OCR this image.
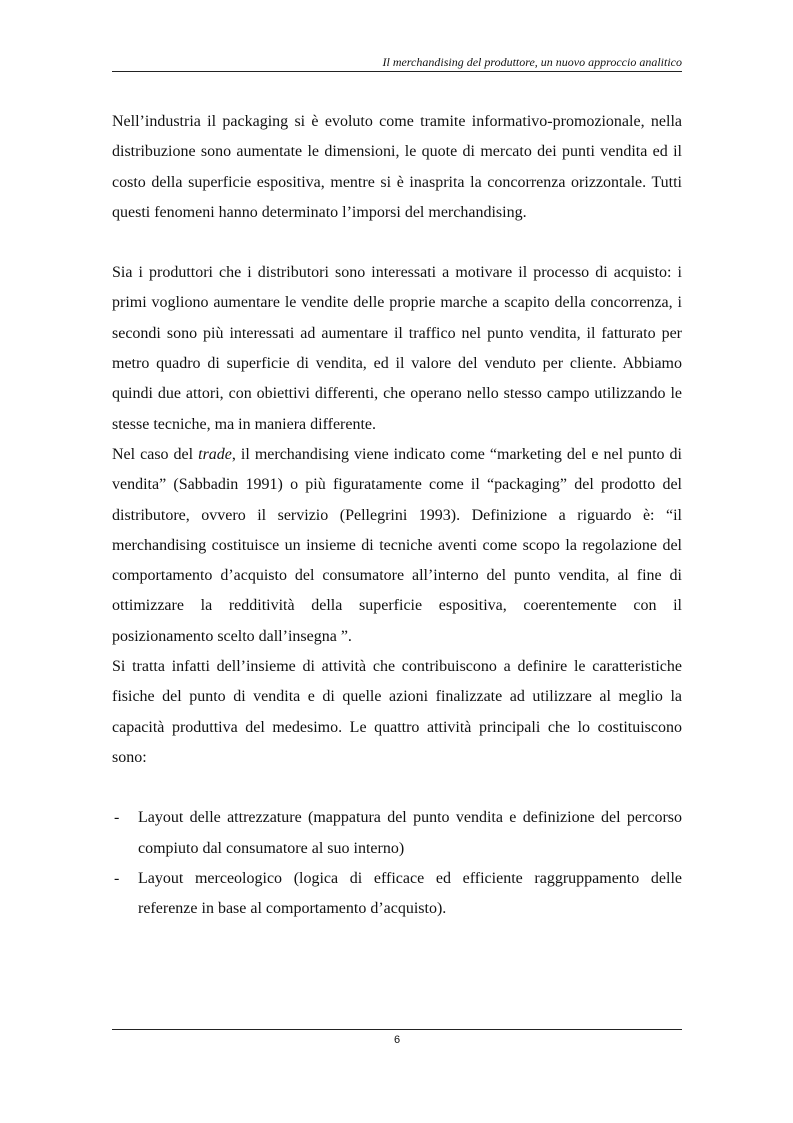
Il merchandising del produttore, un nuovo approccio analitico

Nell’industria il packaging si è evoluto come tramite informativo-promozionale, nella distribuzione sono aumentate le dimensioni, le quote di mercato dei punti vendita ed il costo della superficie espositiva, mentre si è inasprita la concorrenza orizzontale. Tutti questi fenomeni hanno determinato l’imporsi del merchandising.

Sia i produttori che i distributori sono interessati a motivare il processo di acquisto: i primi vogliono aumentare le vendite delle proprie marche a scapito della concorrenza, i secondi sono più interessati ad aumentare il traffico nel punto vendita, il fatturato per metro quadro di superficie di vendita, ed il valore del venduto per cliente. Abbiamo quindi due attori, con obiettivi differenti, che operano nello stesso campo utilizzando le stesse tecniche, ma in maniera differente.

Nel caso del trade, il merchandising viene indicato come “marketing del e nel punto di vendita” (Sabbadin 1991) o più figuratamente come il “packaging” del prodotto del distributore, ovvero il servizio (Pellegrini 1993). Definizione a riguardo è: “il merchandising costituisce un insieme di tecniche aventi come scopo la regolazione del comportamento d’acquisto del consumatore all’interno del punto vendita, al fine di ottimizzare la redditività della superficie espositiva, coerentemente con il posizionamento scelto dall’insegna ”.

Si tratta infatti dell’insieme di attività che contribuiscono a definire le caratteristiche fisiche del punto di vendita e di quelle azioni finalizzate ad utilizzare al meglio la capacità produttiva del medesimo. Le quattro attività principali che lo costituiscono sono:

- Layout delle attrezzature (mappatura del punto vendita e definizione del percorso compiuto dal consumatore al suo interno)
- Layout merceologico (logica di efficace ed efficiente raggruppamento delle referenze in base al comportamento d’acquisto).
6
